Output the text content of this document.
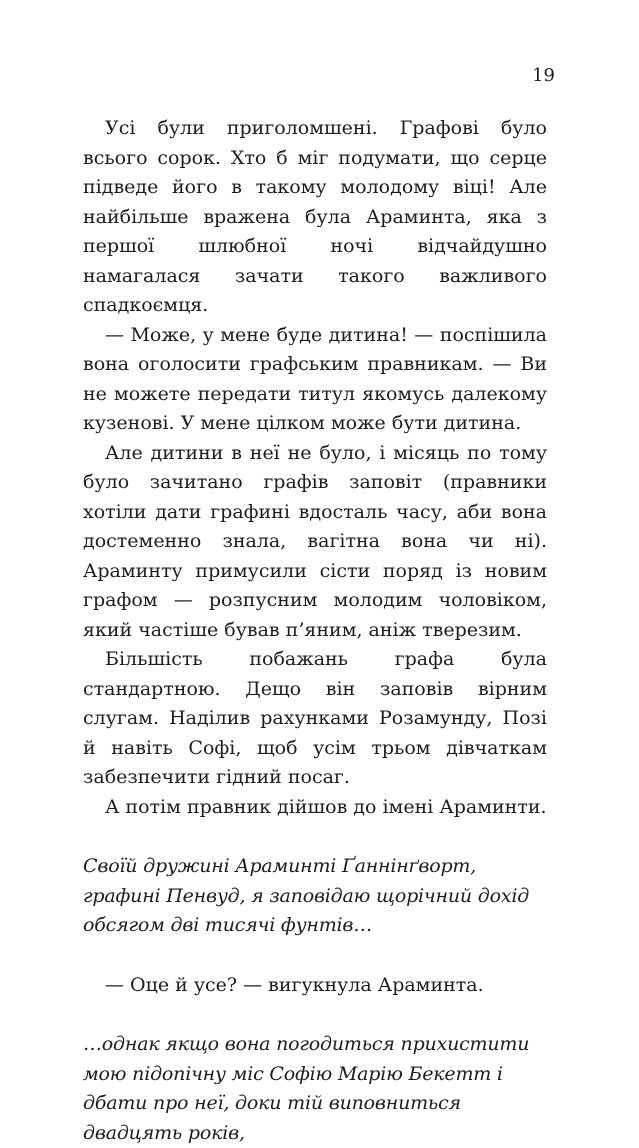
19

Усі були приголомшені. Графові було всього сорок. Хто б міг подумати, що серце підведе його в такому молодому віці! Але найбільше вражена була Араминта, яка з першої шлюбної ночі відчайдушно намагалася зачати такого важливого спадкоємця.

— Може, у мене буде дитина! — поспішила вона оголосити графським правникам. — Ви не можете передати титул якомусь далекому кузенові. У мене цілком може бути дитина.

Але дитини в неї не було, і місяць по тому було зачитано графів заповіт (правники хотіли дати графині вдосталь часу, аби вона достеменно знала, вагітна вона чи ні). Араминту примусили сісти поряд із новим графом — розпусним молодим чоловіком, який частіше бував п’яним, аніж тверезим.

Більшість побажань графа була стандартною. Дещо він заповів вірним слугам. Наділив рахунками Розамунду, Позі й навіть Софі, щоб усім трьом дівчаткам забезпечити гідний посаг.

А потім правник дійшов до імені Араминти.

Своїй дружині Араминті Ґаннінґворт, графині Пенвуд, я заповідаю щорічний дохід обсягом дві тисячі фунтів…

— Оце й усе? — вигукнула Араминта.

…однак якщо вона погодиться прихистити мою підопічну міс Софію Марію Бекетт і дбати про неї, доки тій виповниться двадцять років,
